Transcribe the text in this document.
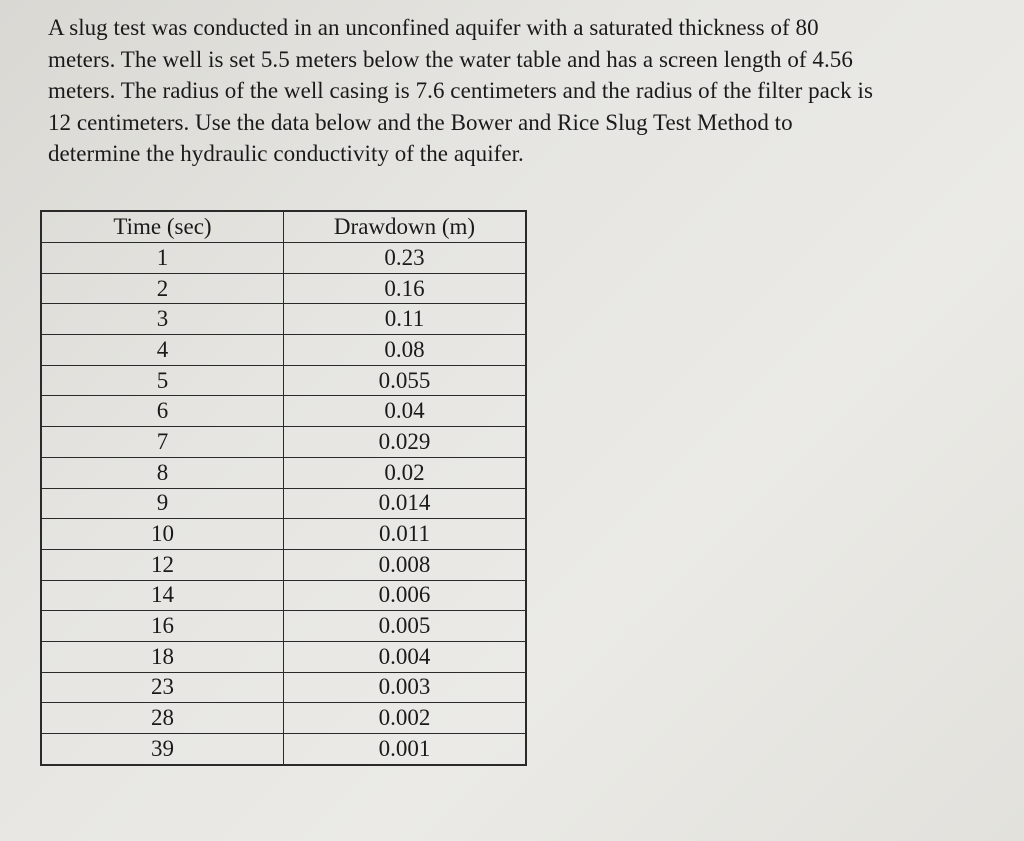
A slug test was conducted in an unconfined aquifer with a saturated thickness of 80
meters. The well is set 5.5 meters below the water table and has a screen length of 4.56
meters. The radius of the well casing is 7.6 centimeters and the radius of the filter pack is
12 centimeters. Use the data below and the Bower and Rice Slug Test Method to
determine the hydraulic conductivity of the aquifer.
Time (sec)	Drawdown (m)
1	0.23
2	0.16
3	0.11
4	0.08
5	0.055
6	0.04
7	0.029
8	0.02
9	0.014
10	0.011
12	0.008
14	0.006
16	0.005
18	0.004
23	0.003
28	0.002
39	0.001
